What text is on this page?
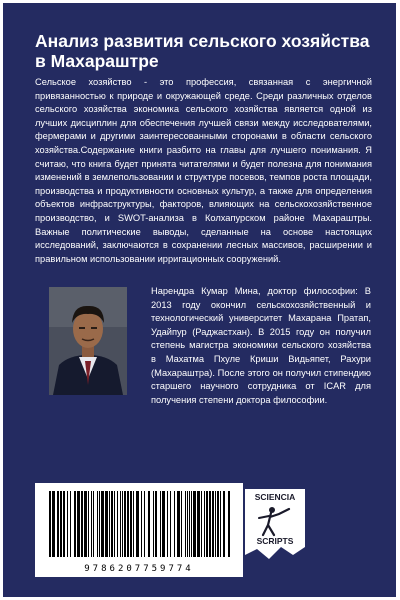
Анализ развития сельского хозяйства в Махараштре

Сельское хозяйство - это профессия, связанная с энергичной привязанностью к природе и окружающей среде. Среди различных отделов сельского хозяйства экономика сельского хозяйства является одной из лучших дисциплин для обеспечения лучшей связи между исследователями, фермерами и другими заинтересованными сторонами в области сельского хозяйства.Содержание книги разбито на главы для лучшего понимания. Я считаю, что книга будет принята читателями и будет полезна для понимания изменений в землепользовании и структуре посевов, темпов роста площади, производства и продуктивности основных культур, а также для определения объектов инфраструктуры, факторов, влияющих на сельскохозяйственное производство, и SWOT-анализа в Колхапурском районе Махараштры. Важные политические выводы, сделанные на основе настоящих исследований, заключаются в сохранении лесных массивов, расширении и правильном использовании ирригационных сооружений.

Нарендра Кумар Мина, доктор философии: В 2013 году окончил сельскохозяйственный и технологический университет Махарана Пратап, Удайпур (Раджастхан). В 2015 году он получил степень магистра экономики сельского хозяйства в Махатма Пхуле Криши Видьяпет, Рахури (Махараштра). После этого он получил стипендию старшего научного сотрудника от ICAR для получения степени доктора философии.

9786207759774
SCIENCIA
SCRIPTS
